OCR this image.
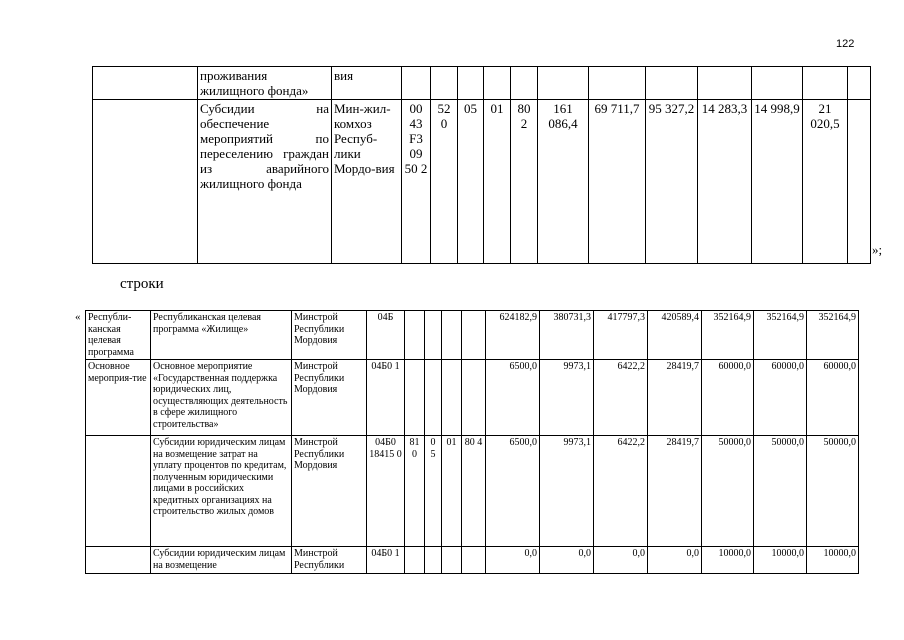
122
	проживания жилищного фонда»	вия												
	Субсидии на обеспечение мероприятий по переселению граждан из аварийного жилищного фонда	Мин-жил-комхоз Респуб-лики Мордо-вия	00 43 F3 09 50 2	52 0	05	01	80 2	161 086,4	69 711,7	95 327,2	14 283,3	14 998,9	21 020,5	
»;
строки
« Республи-канская целевая программа	Республиканская целевая программа «Жилище»	Минстрой Республики Мордовия	04Б					624182,9	380731,3	417797,3	420589,4	352164,9	352164,9	352164,9
Основное мероприя-тие	Основное мероприятие «Государственная поддержка юридических лиц, осуществляющих деятельность в сфере жилищного строительства»	Минстрой Республики Мордовия	04Б0 1					6500,0	9973,1	6422,2	28419,7	60000,0	60000,0	60000,0
	Субсидии юридическим лицам на возмещение затрат на уплату процентов по кредитам, полученным юридическими лицами в российских кредитных организациях на строительство жилых домов	Минстрой Республики Мордовия	04Б0 18415 0	81 0	0 5	01	80 4	6500,0	9973,1	6422,2	28419,7	50000,0	50000,0	50000,0
	Субсидии юридическим лицам на возмещение	Минстрой Республики	04Б0 1					0,0	0,0	0,0	0,0	10000,0	10000,0	10000,0
